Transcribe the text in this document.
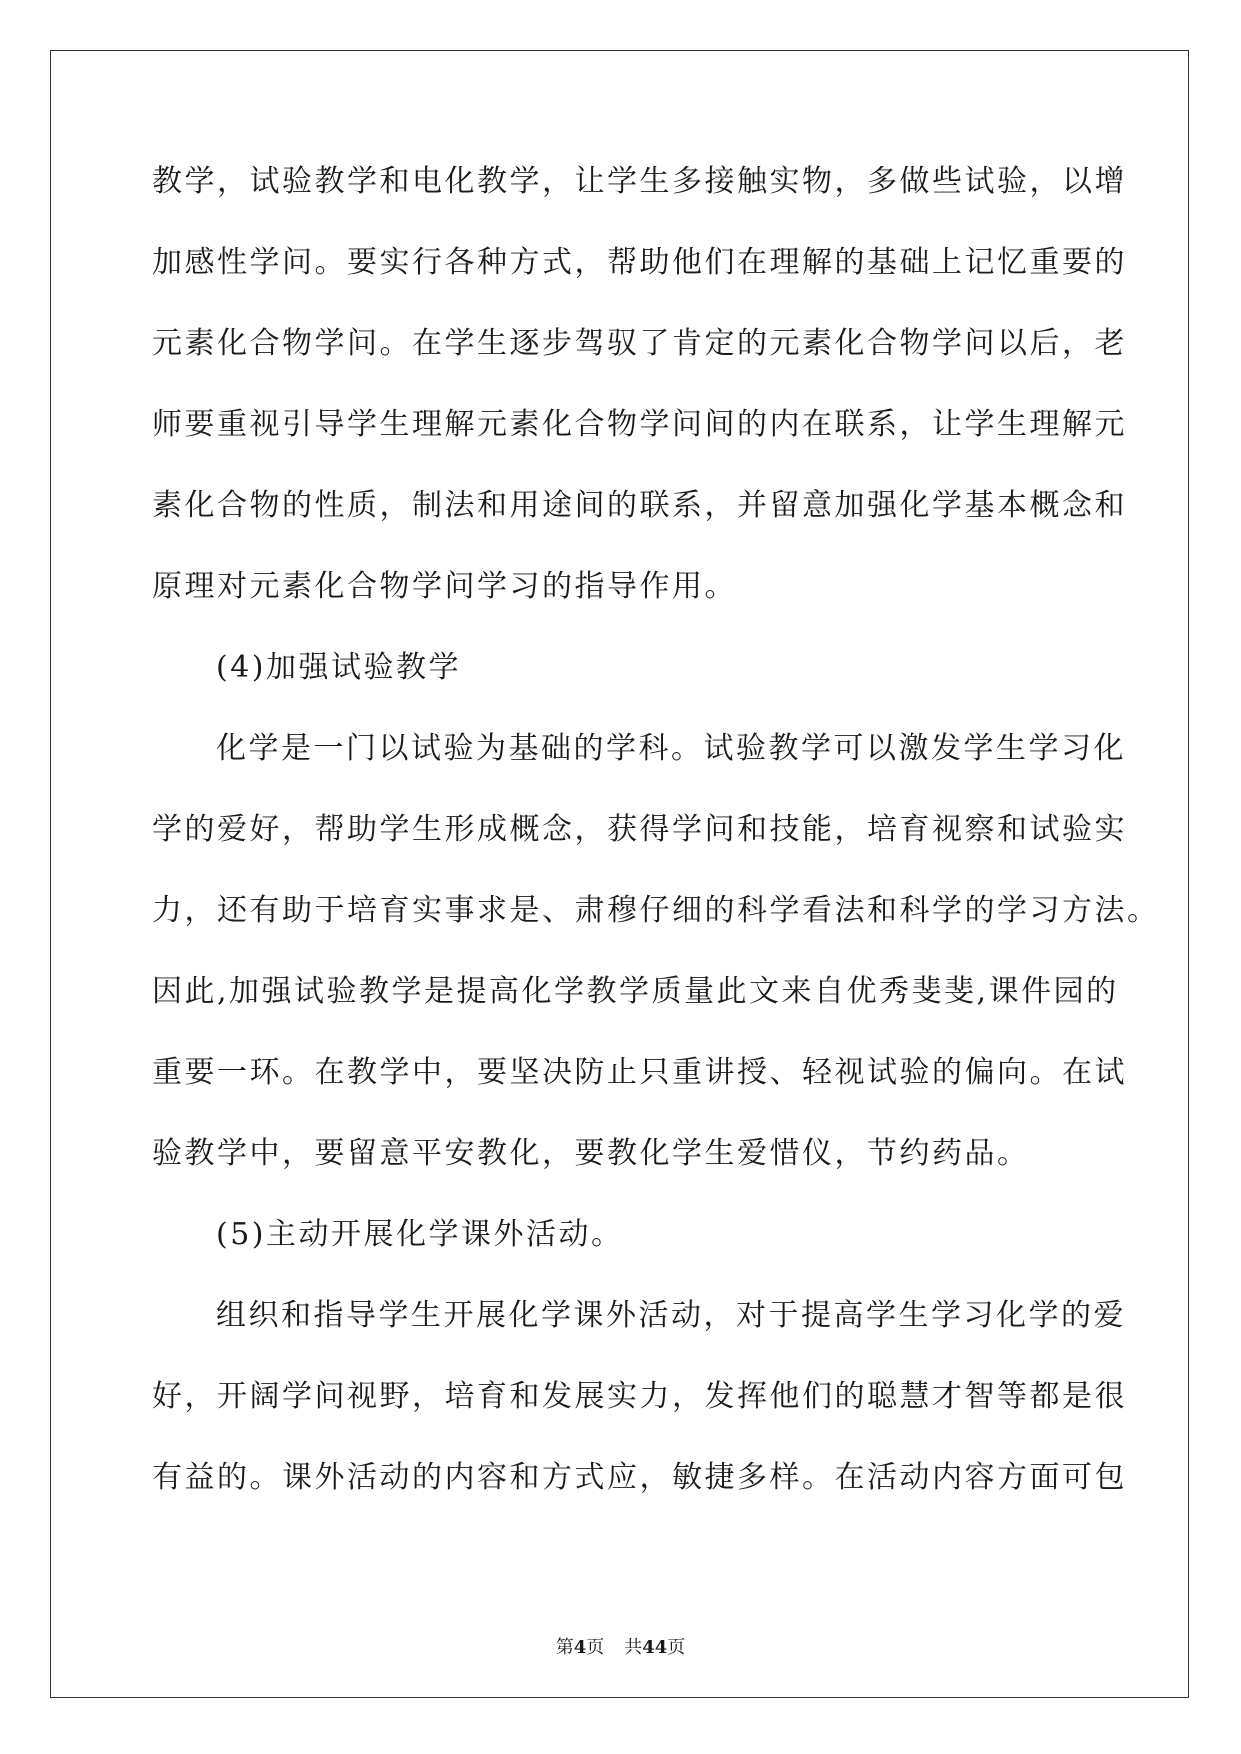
教学，试验教学和电化教学，让学生多接触实物，多做些试验，以增
加感性学问。要实行各种方式，帮助他们在理解的基础上记忆重要的
元素化合物学问。在学生逐步驾驭了肯定的元素化合物学问以后，老
师要重视引导学生理解元素化合物学问间的内在联系，让学生理解元
素化合物的性质，制法和用途间的联系，并留意加强化学基本概念和
原理对元素化合物学问学习的指导作用。
(4)加强试验教学
化学是一门以试验为基础的学科。试验教学可以激发学生学习化
学的爱好，帮助学生形成概念，获得学问和技能，培育视察和试验实
力，还有助于培育实事求是、肃穆仔细的科学看法和科学的学习方法。
因此,加强试验教学是提高化学教学质量此文来自优秀斐斐,课件园的
重要一环。在教学中，要坚决防止只重讲授、轻视试验的偏向。在试
验教学中，要留意平安教化，要教化学生爱惜仪，节约药品。
(5)主动开展化学课外活动。
组织和指导学生开展化学课外活动，对于提高学生学习化学的爱
好，开阔学问视野，培育和发展实力，发挥他们的聪慧才智等都是很
有益的。课外活动的内容和方式应，敏捷多样。在活动内容方面可包
第4页 共44页
